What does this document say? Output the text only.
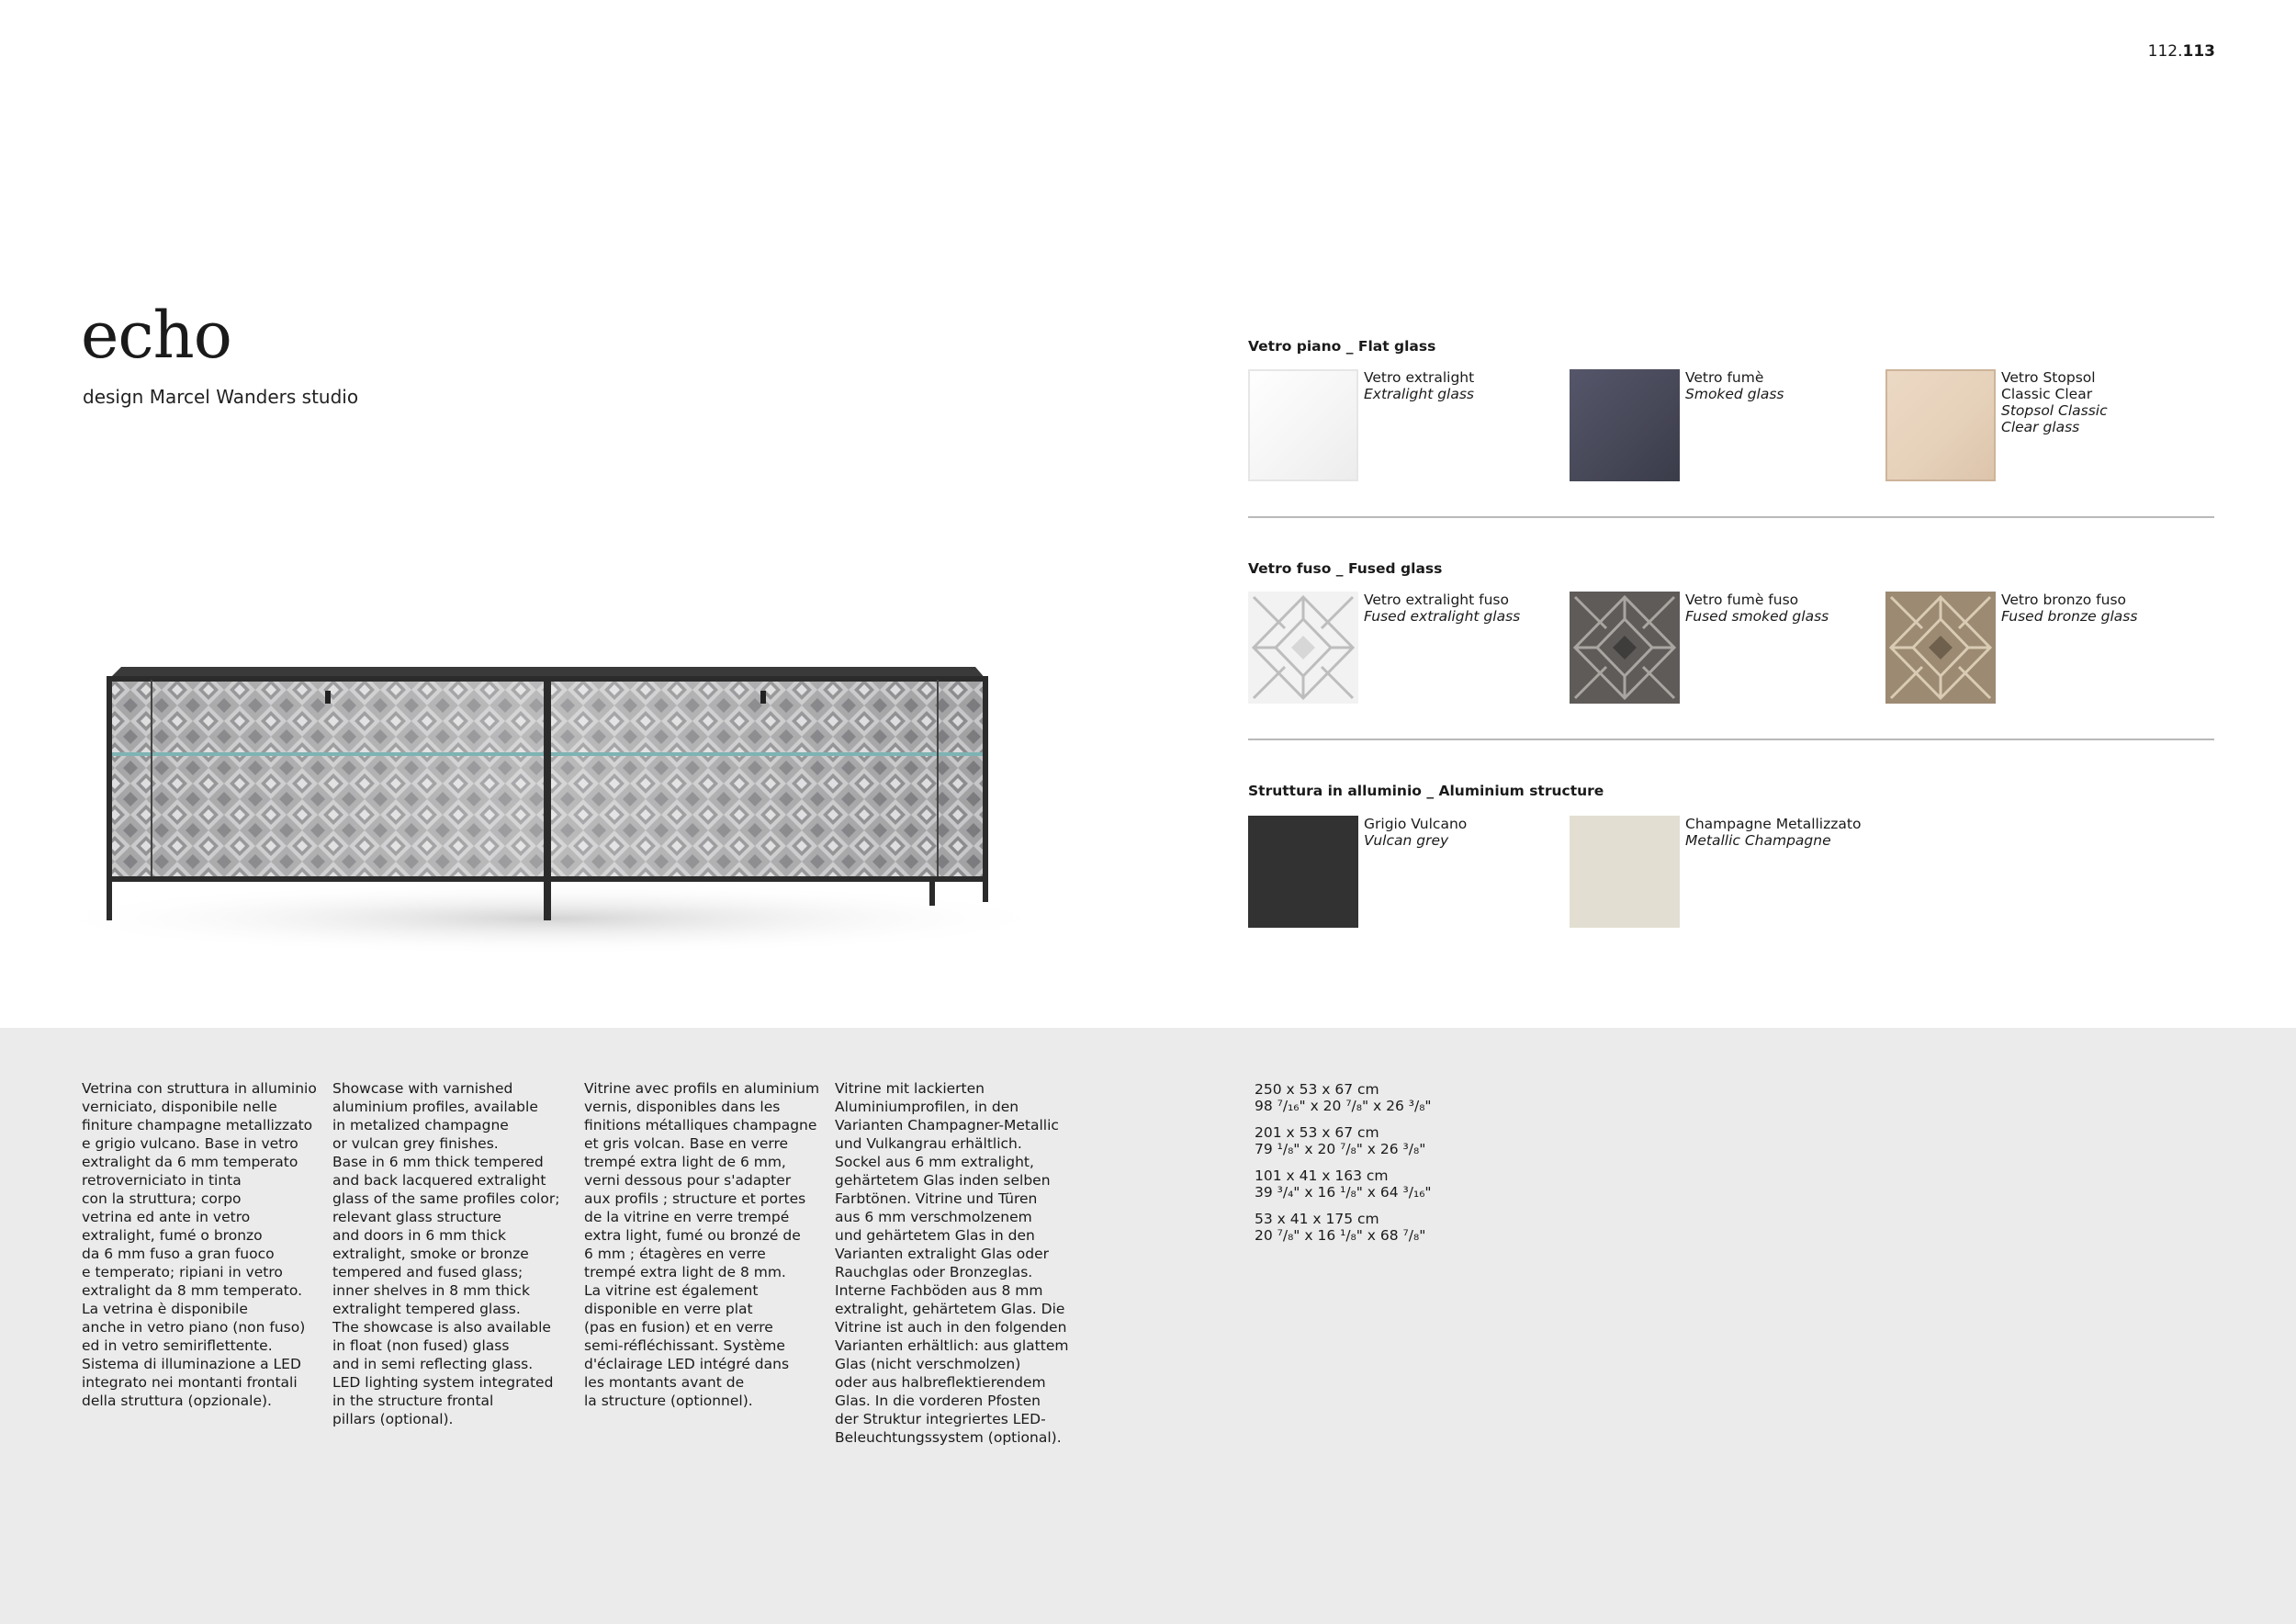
112.113
echo
design Marcel Wanders studio
Vetro piano _ Flat glass
Vetro extralight
Extralight glass
Vetro fumè
Smoked glass
Vetro Stopsol Classic Clear
Stopsol Classic Clear glass
Vetro fuso _ Fused glass
Vetro extralight fuso
Fused extralight glass
Vetro fumè fuso
Fused smoked glass
Vetro bronzo fuso
Fused bronze glass
Struttura in alluminio _ Aluminium structure
Grigio Vulcano
Vulcan grey
Champagne Metallizzato
Metallic Champagne
Vetrina con struttura in alluminio
verniciato, disponibile nelle
finiture champagne metallizzato
e grigio vulcano. Base in vetro
extralight da 6 mm temperato
retroverniciato in tinta
con la struttura; corpo
vetrina ed ante in vetro
extralight, fumé o bronzo
da 6 mm fuso a gran fuoco
e temperato; ripiani in vetro
extralight da 8 mm temperato.
La vetrina è disponibile
anche in vetro piano (non fuso)
ed in vetro semiriflettente.
Sistema di illuminazione a LED
integrato nei montanti frontali
della struttura (opzionale).
Showcase with varnished
aluminium profiles, available
in metalized champagne
or vulcan grey finishes.
Base in 6 mm thick tempered
and back lacquered extralight
glass of the same profiles color;
relevant glass structure
and doors in 6 mm thick
extralight, smoke or bronze
tempered and fused glass;
inner shelves in 8 mm thick
extralight tempered glass.
The showcase is also available
in float (non fused) glass
and in semi reflecting glass.
LED lighting system integrated
in the structure frontal
pillars (optional).
Vitrine avec profils en aluminium
vernis, disponibles dans les
finitions métalliques champagne
et gris volcan. Base en verre
trempé extra light de 6 mm,
verni dessous pour s'adapter
aux profils ; structure et portes
de la vitrine en verre trempé
extra light, fumé ou bronzé de
6 mm ; étagères en verre
trempé extra light de 8 mm.
La vitrine est également
disponible en verre plat
(pas en fusion) et en verre
semi-réfléchissant. Système
d'éclairage LED intégré dans
les montants avant de
la structure (optionnel).
Vitrine mit lackierten
Aluminiumprofilen, in den
Varianten Champagner-Metallic
und Vulkangrau erhältlich.
Sockel aus 6 mm extralight,
gehärtetem Glas inden selben
Farbtönen. Vitrine und Türen
aus 6 mm verschmolzenem
und gehärtetem Glas in den
Varianten extralight Glas oder
Rauchglas oder Bronzeglas.
Interne Fachböden aus 8 mm
extralight, gehärtetem Glas. Die
Vitrine ist auch in den folgenden
Varianten erhältlich: aus glattem
Glas (nicht verschmolzen)
oder aus halbreflektierendem
Glas. In die vorderen Pfosten
der Struktur integriertes LED-
Beleuchtungssystem (optional).
250 x 53 x 67 cm
98 ⁷/₁₆" x 20 ⁷/₈" x 26 ³/₈"
201 x 53 x 67 cm
79 ¹/₈" x 20 ⁷/₈" x 26 ³/₈"
101 x 41 x 163 cm
39 ³/₄" x 16 ¹/₈" x 64 ³/₁₆"
53 x 41 x 175 cm
20 ⁷/₈" x 16 ¹/₈" x 68 ⁷/₈"
